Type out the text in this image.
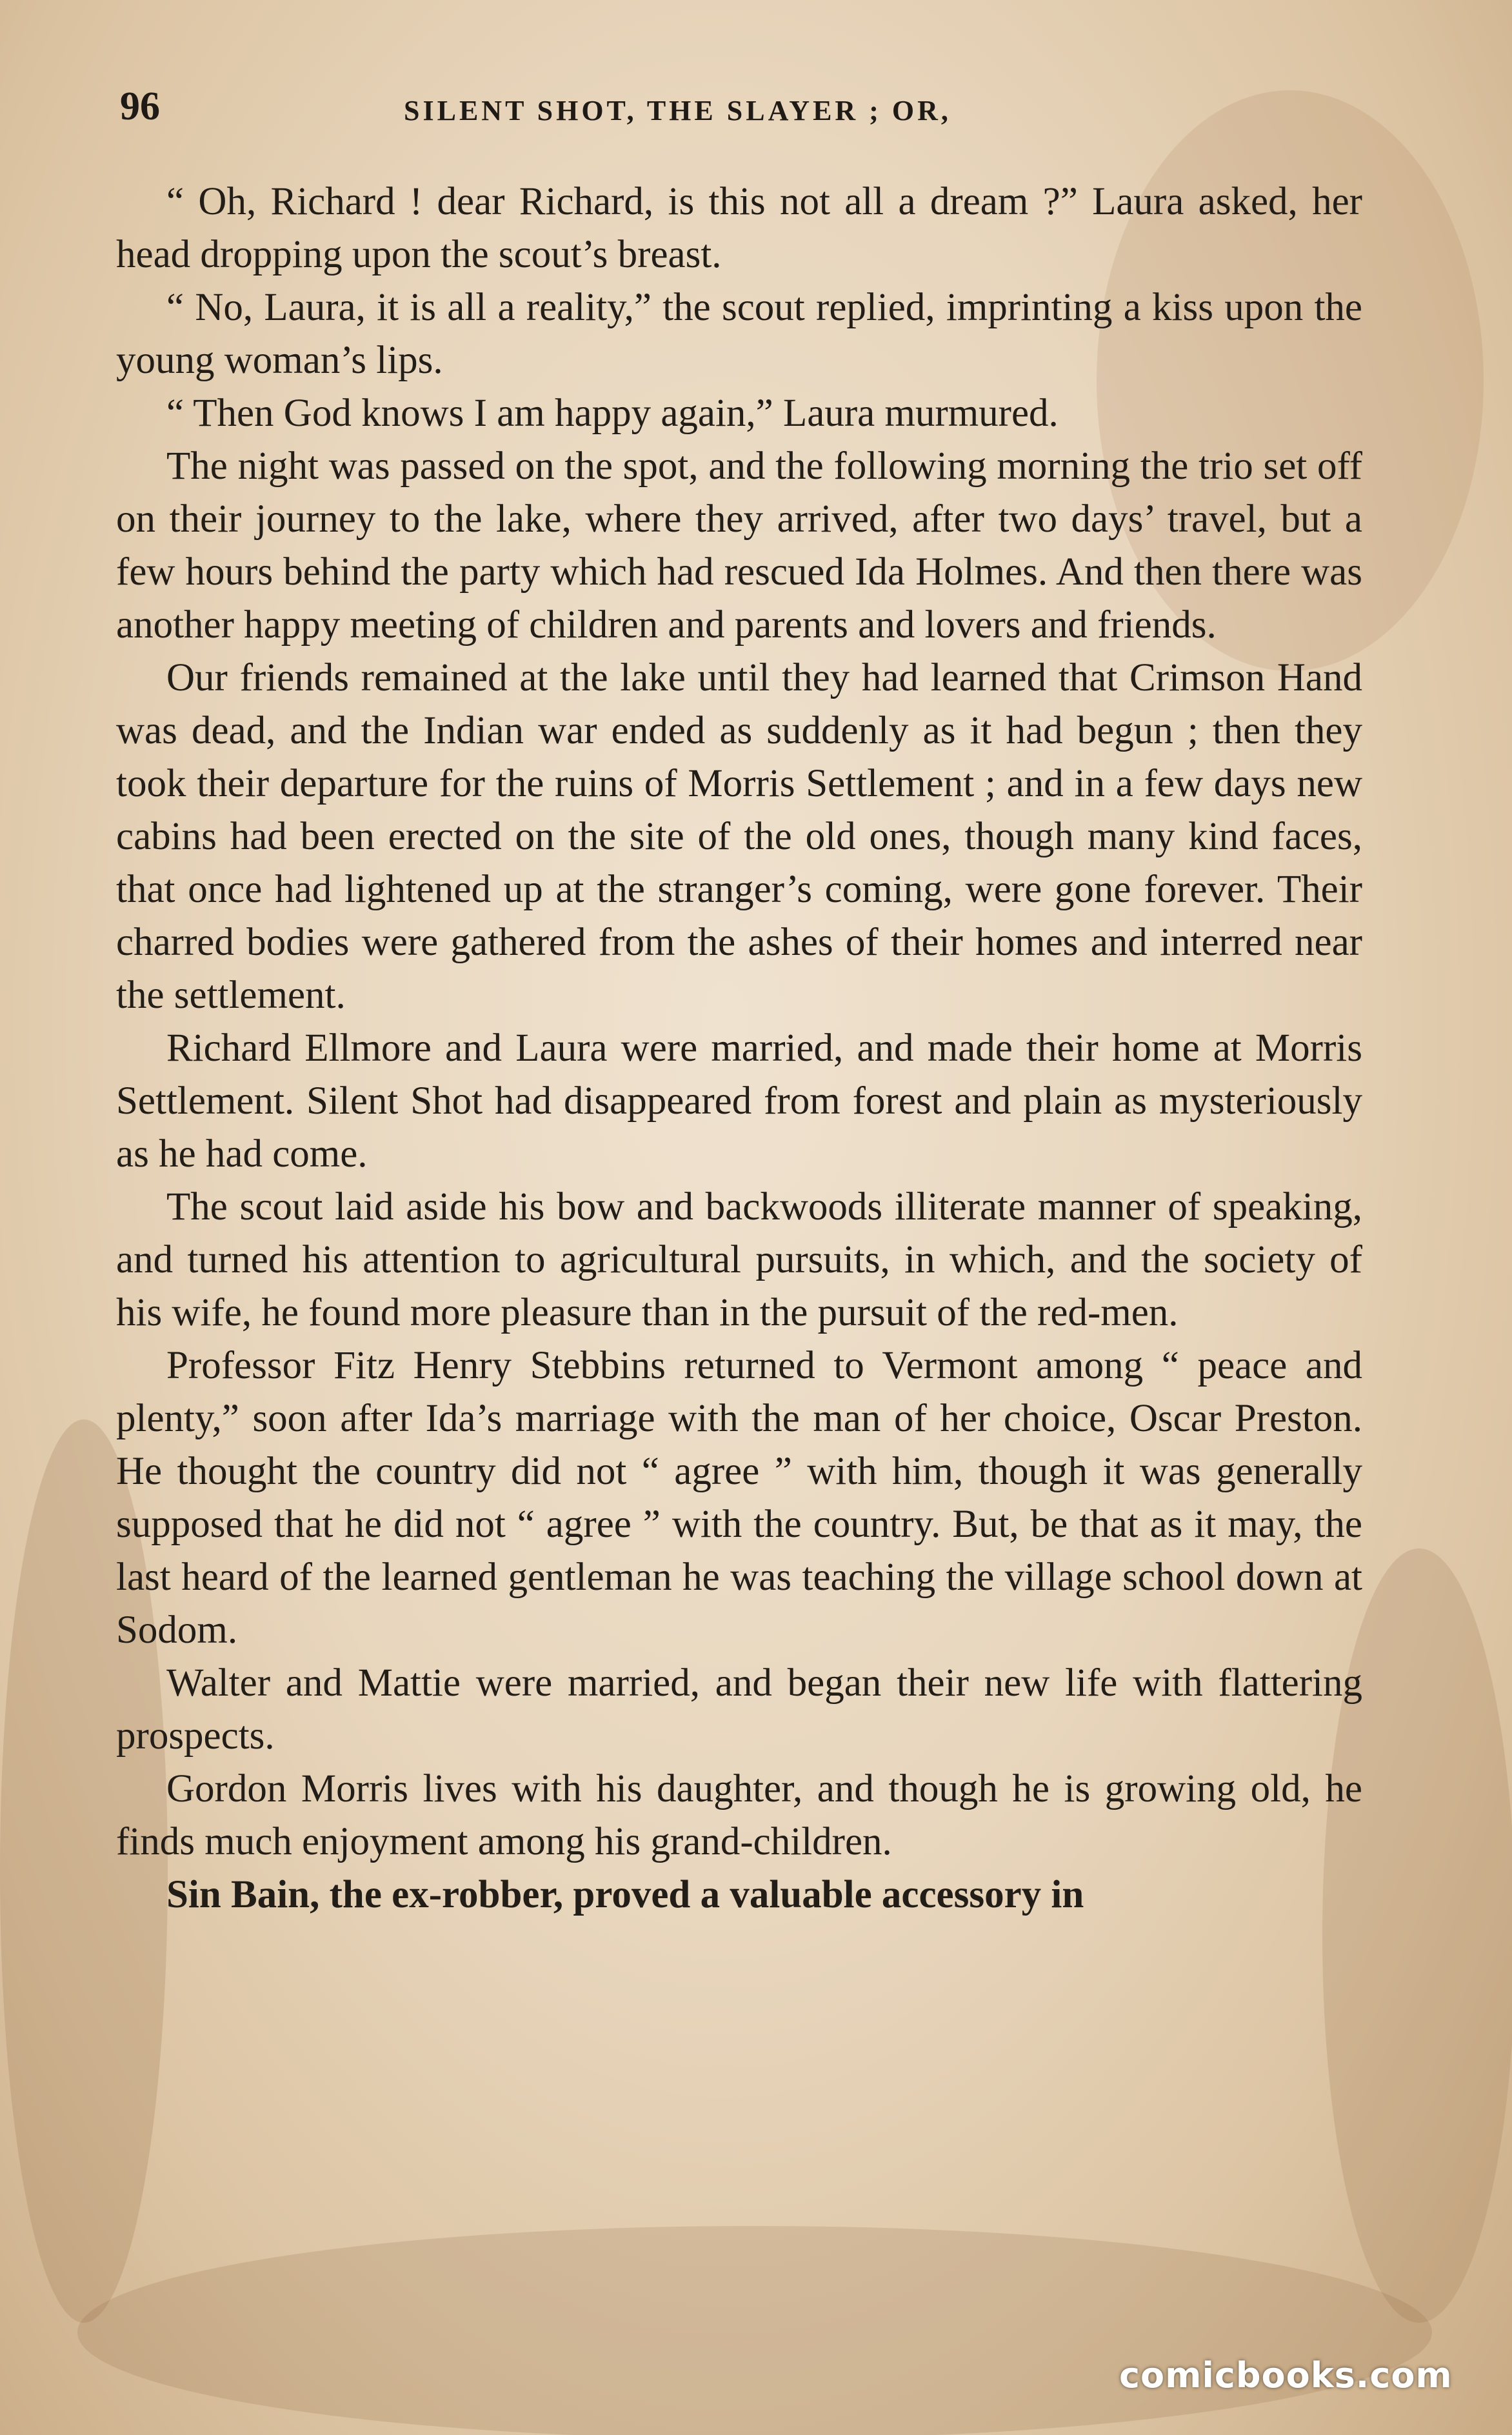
96	SILENT SHOT, THE SLAYER ; OR,

“ Oh, Richard ! dear Richard, is this not all a dream ?” Laura asked, her head dropping upon the scout’s breast.

“ No, Laura, it is all a reality,” the scout replied, imprinting a kiss upon the young woman’s lips.

“ Then God knows I am happy again,” Laura murmured.

The night was passed on the spot, and the following morning the trio set off on their journey to the lake, where they arrived, after two days’ travel, but a few hours behind the party which had rescued Ida Holmes. And then there was another happy meeting of children and parents and lovers and friends.

Our friends remained at the lake until they had learned that Crimson Hand was dead, and the Indian war ended as suddenly as it had begun ; then they took their departure for the ruins of Morris Settlement ; and in a few days new cabins had been erected on the site of the old ones, though many kind faces, that once had lightened up at the stranger’s coming, were gone forever. Their charred bodies were gathered from the ashes of their homes and interred near the settlement.

Richard Ellmore and Laura were married, and made their home at Morris Settlement. Silent Shot had disappeared from forest and plain as mysteriously as he had come.

The scout laid aside his bow and backwoods illiterate manner of speaking, and turned his attention to agricultural pursuits, in which, and the society of his wife, he found more pleasure than in the pursuit of the red-men.

Professor Fitz Henry Stebbins returned to Vermont among “ peace and plenty,” soon after Ida’s marriage with the man of her choice, Oscar Preston. He thought the country did not “ agree ” with him, though it was generally supposed that he did not “ agree ” with the country. But, be that as it may, the last heard of the learned gentleman he was teaching the village school down at Sodom.

Walter and Mattie were married, and began their new life with flattering prospects.

Gordon Morris lives with his daughter, and though he is growing old, he finds much enjoyment among his grand-children.

Sin Bain, the ex-robber, proved a valuable accessory in

comicbooks.com
